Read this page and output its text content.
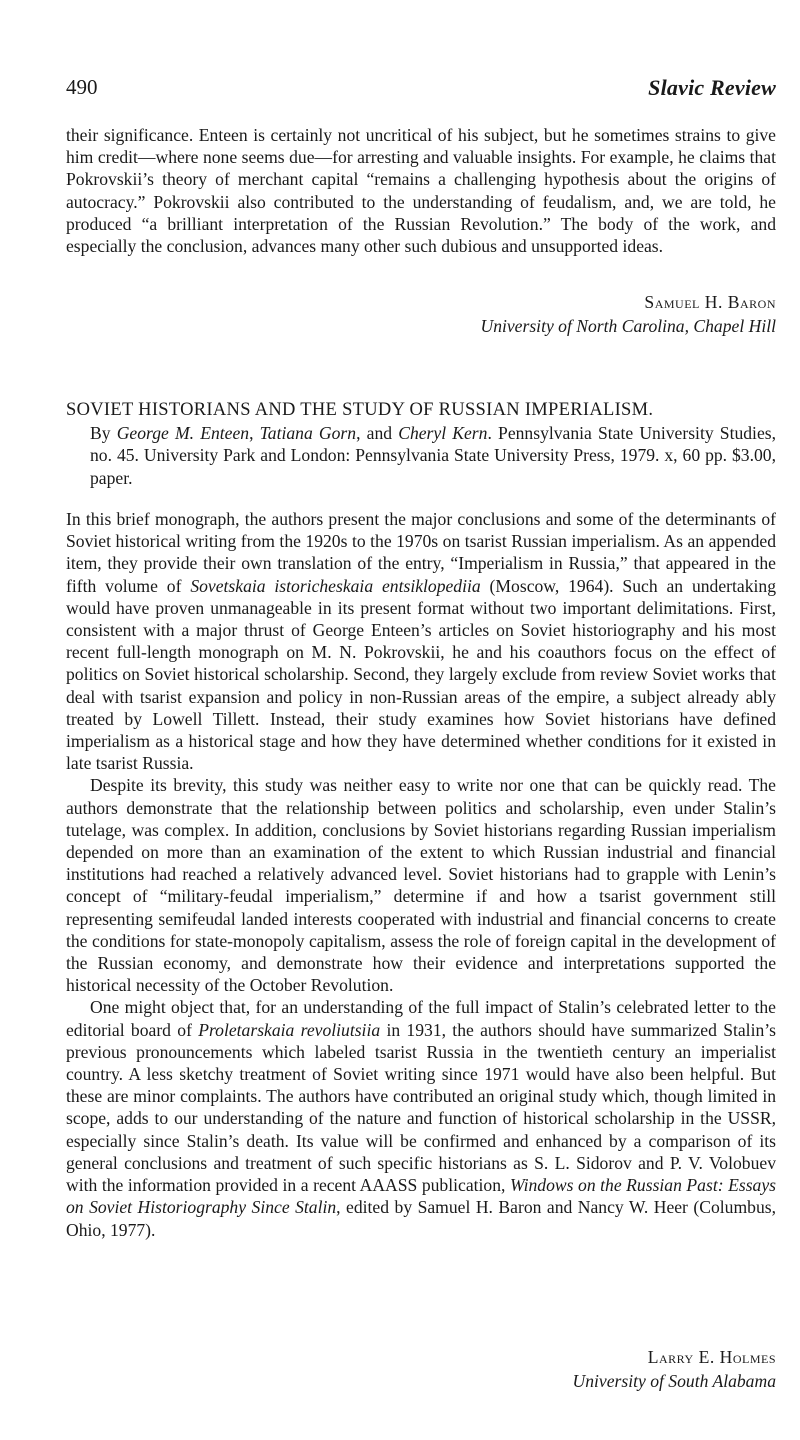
490	Slavic Review

their significance. Enteen is certainly not uncritical of his subject, but he sometimes strains to give him credit—where none seems due—for arresting and valuable insights. For example, he claims that Pokrovskii’s theory of merchant capital “remains a challenging hypothesis about the origins of autocracy.” Pokrovskii also contributed to the understanding of feudalism, and, we are told, he produced “a brilliant interpretation of the Russian Revolution.” The body of the work, and especially the conclusion, advances many other such dubious and unsupported ideas.

Samuel H. Baron
University of North Carolina, Chapel Hill
SOVIET HISTORIANS AND THE STUDY OF RUSSIAN IMPERIALISM.
By George M. Enteen, Tatiana Gorn, and Cheryl Kern. Pennsylvania State University Studies, no. 45. University Park and London: Pennsylvania State University Press, 1979. x, 60 pp. $3.00, paper.

In this brief monograph, the authors present the major conclusions and some of the determinants of Soviet historical writing from the 1920s to the 1970s on tsarist Russian imperialism. As an appended item, they provide their own translation of the entry, “Imperialism in Russia,” that appeared in the fifth volume of Sovetskaia istoricheskaia entsiklopediia (Moscow, 1964). Such an undertaking would have proven unmanageable in its present format without two important delimitations. First, consistent with a major thrust of George Enteen’s articles on Soviet historiography and his most recent full-length monograph on M. N. Pokrovskii, he and his coauthors focus on the effect of politics on Soviet historical scholarship. Second, they largely exclude from review Soviet works that deal with tsarist expansion and policy in non-Russian areas of the empire, a subject already ably treated by Lowell Tillett. Instead, their study examines how Soviet historians have defined imperialism as a historical stage and how they have determined whether conditions for it existed in late tsarist Russia.

Despite its brevity, this study was neither easy to write nor one that can be quickly read. The authors demonstrate that the relationship between politics and scholarship, even under Stalin’s tutelage, was complex. In addition, conclusions by Soviet historians regarding Russian imperialism depended on more than an examination of the extent to which Russian industrial and financial institutions had reached a relatively advanced level. Soviet historians had to grapple with Lenin’s concept of “military-feudal imperialism,” determine if and how a tsarist government still representing semifeudal landed interests cooperated with industrial and financial concerns to create the conditions for state-monopoly capitalism, assess the role of foreign capital in the development of the Russian economy, and demonstrate how their evidence and interpretations supported the historical necessity of the October Revolution.

One might object that, for an understanding of the full impact of Stalin’s celebrated letter to the editorial board of Proletarskaia revoliutsiia in 1931, the authors should have summarized Stalin’s previous pronouncements which labeled tsarist Russia in the twentieth century an imperialist country. A less sketchy treatment of Soviet writing since 1971 would have also been helpful. But these are minor complaints. The authors have contributed an original study which, though limited in scope, adds to our understanding of the nature and function of historical scholarship in the USSR, especially since Stalin’s death. Its value will be confirmed and enhanced by a comparison of its general conclusions and treatment of such specific historians as S. L. Sidorov and P. V. Volobuev with the information provided in a recent AAASS publication, Windows on the Russian Past: Essays on Soviet Historiography Since Stalin, edited by Samuel H. Baron and Nancy W. Heer (Columbus, Ohio, 1977).

Larry E. Holmes
University of South Alabama
